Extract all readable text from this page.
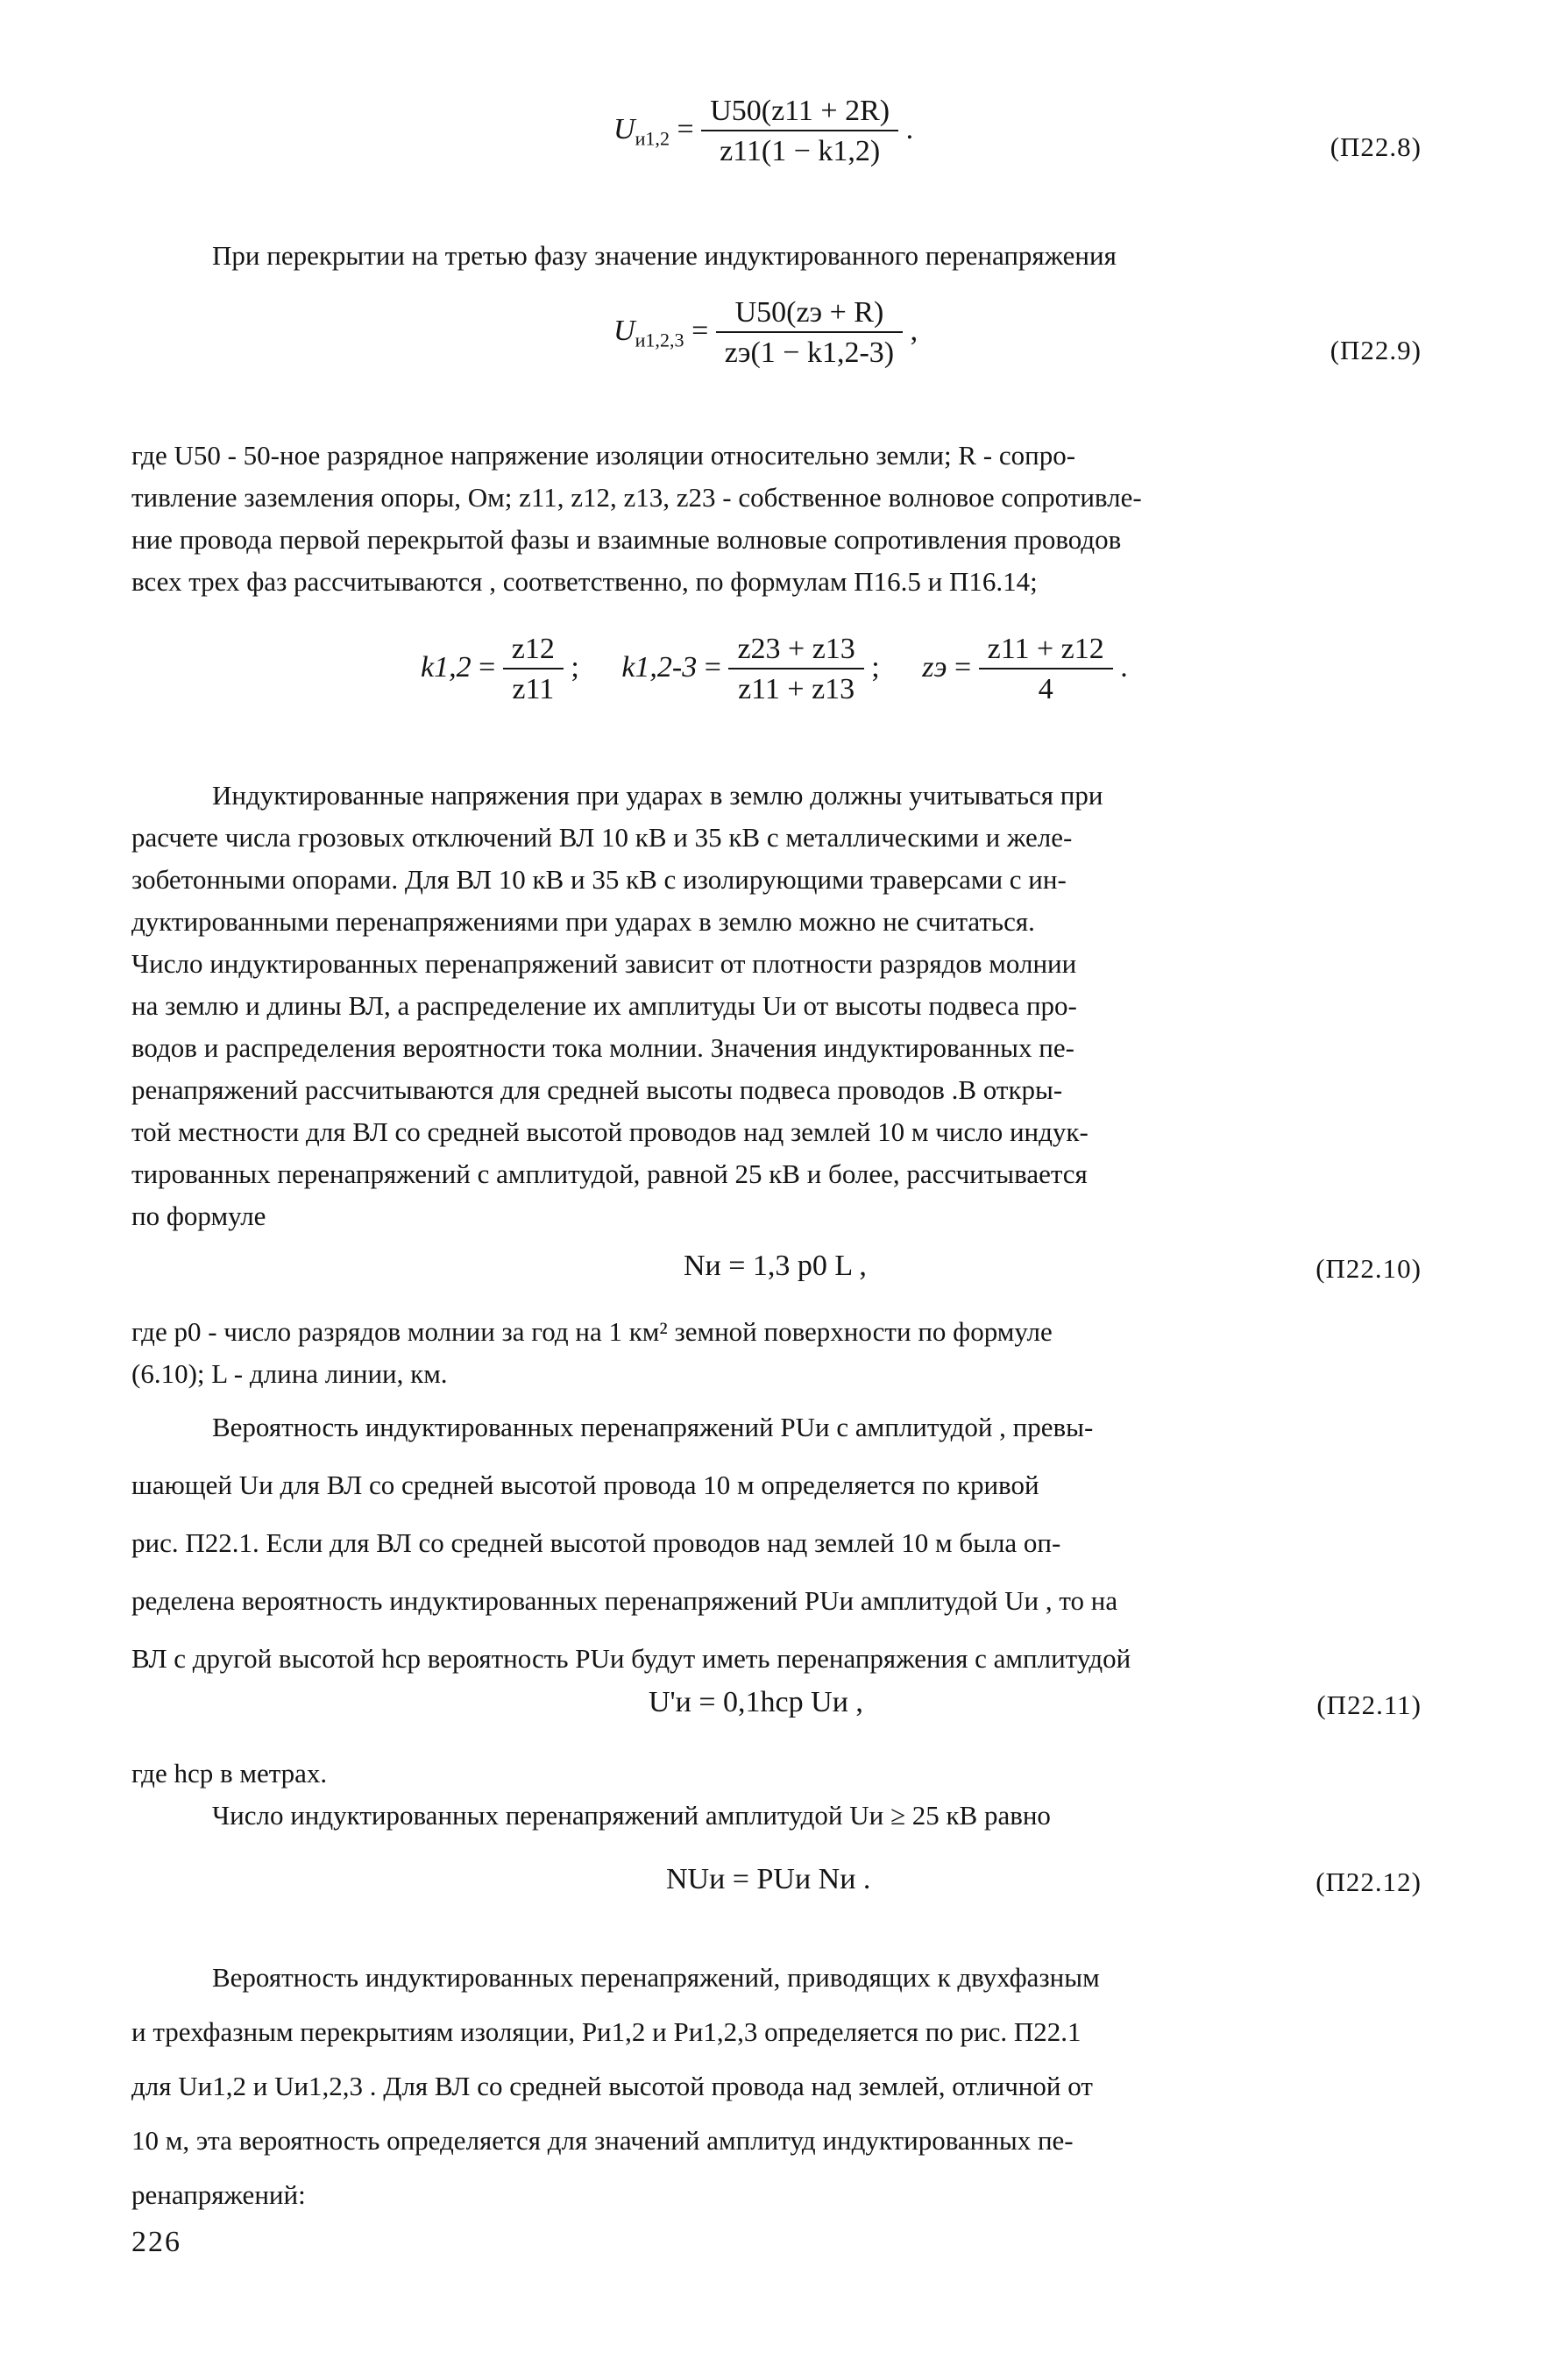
$U_{и1,2} = \frac{U50(z11 + 2R)}{z11(1 - k1,2)}$ .
(П22.8)
При перекрытии на третью фазу значение индуктированного перенапряжения
$U_{и1,2,3} = \frac{U50(zэ + R)}{zэ(1 - k1,2-3)}$ ,
(П22.9)
где U50 - 50-ное разрядное напряжение изоляции относительно земли; R - сопро-
тивление заземления опоры, Ом; z11, z12, z13, z23 - собственное волновое сопротивле-
ние провода первой перекрытой фазы и взаимные волновые сопротивления проводов
всех трех фаз рассчитываются , соответственно, по формулам П16.5 и П16.14;
$k1,2 = \frac{z12}{z11}$ ; $k1,2-3 = \frac{z23 + z13}{z11 + z13}$ ; zэ = $\frac{z11 + z12}{4}$ .
Индуктированные напряжения при ударах в землю должны учитываться при
расчете числа грозовых отключений ВЛ 10 кВ и 35 кВ с металлическими и желе-
зобетонными опорами. Для ВЛ 10 кВ и 35 кВ с изолирующими траверсами с ин-
дуктированными перенапряжениями при ударах в землю можно не считаться.
Число индуктированных перенапряжений зависит от плотности разрядов молнии
на землю и длины ВЛ, а распределение их амплитуды Uи от высоты подвеса про-
водов и распределения вероятности тока молнии. Значения индуктированных пе-
ренапряжений рассчитываются для средней высоты подвеса проводов .В откры-
той местности для ВЛ со средней высотой проводов над землей 10 м число индук-
тированных перенапряжений с амплитудой, равной 25 кВ и более, рассчитывается
по формуле
Nи = 1,3 p0 L ,	(П22.10)
где p0 - число разрядов молнии за год на 1 км² земной поверхности по формуле
(6.10); L - длина линии, км.
Вероятность индуктированных перенапряжений PUи с амплитудой , превы-
шающей Uи для ВЛ со средней высотой провода 10 м определяется по кривой
рис. П22.1. Если для ВЛ со средней высотой проводов над землей 10 м была оп-
ределена вероятность индуктированных перенапряжений PUи амплитудой Uи , то на
ВЛ с другой высотой hср вероятность PUи будут иметь перенапряжения с амплитудой
U'и = 0,1hср Uи ,	(П22.11)
где hср в метрах.
Число индуктированных перенапряжений амплитудой Uи ≥ 25 кВ равно
NUи = PUи Nи .	(П22.12)
Вероятность индуктированных перенапряжений, приводящих к двухфазным
и трехфазным перекрытиям изоляции, Pи1,2 и Pи1,2,3 определяется по рис. П22.1
для Uи1,2 и Uи1,2,3 . Для ВЛ со средней высотой провода над землей, отличной от
10 м, эта вероятность определяется для значений амплитуд индуктированных пе-
ренапряжений:
226
